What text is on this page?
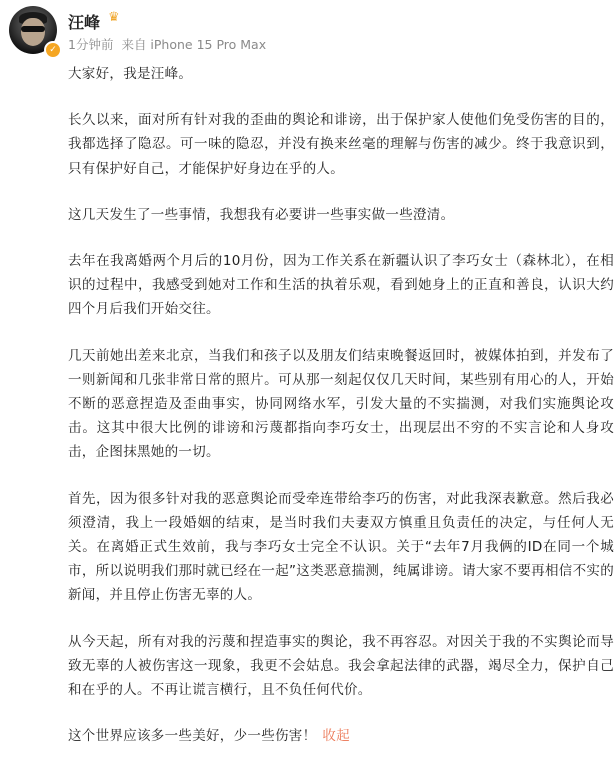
✓
汪峰 ♛
1分钟前 来自 iPhone 15 Pro Max

大家好，我是汪峰。

长久以来，面对所有针对我的歪曲的舆论和诽谤，出于保护家人使他们免受伤害的目的，我都选择了隐忍。可一味的隐忍，并没有换来丝毫的理解与伤害的减少。终于我意识到，只有保护好自己，才能保护好身边在乎的人。

这几天发生了一些事情，我想我有必要讲一些事实做一些澄清。

去年在我离婚两个月后的10月份，因为工作关系在新疆认识了李巧女士（森林北），在相识的过程中，我感受到她对工作和生活的执着乐观，看到她身上的正直和善良，认识大约四个月后我们开始交往。

几天前她出差来北京，当我们和孩子以及朋友们结束晚餐返回时，被媒体拍到，并发布了一则新闻和几张非常日常的照片。可从那一刻起仅仅几天时间，某些别有用心的人，开始不断的恶意捏造及歪曲事实，协同网络水军，引发大量的不实揣测，对我们实施舆论攻击。这其中很大比例的诽谤和污蔑都指向李巧女士，出现层出不穷的不实言论和人身攻击，企图抹黑她的一切。

首先，因为很多针对我的恶意舆论而受牵连带给李巧的伤害，对此我深表歉意。然后我必须澄清，我上一段婚姻的结束，是当时我们夫妻双方慎重且负责任的决定，与任何人无关。在离婚正式生效前，我与李巧女士完全不认识。关于“去年7月我俩的ID在同一个城市，所以说明我们那时就已经在一起”这类恶意揣测，纯属诽谤。请大家不要再相信不实的新闻，并且停止伤害无辜的人。

从今天起，所有对我的污蔑和捏造事实的舆论，我不再容忍。对因关于我的不实舆论而导致无辜的人被伤害这一现象，我更不会姑息。我会拿起法律的武器，竭尽全力，保护自己和在乎的人。不再让谎言横行，且不负任何代价。

这个世界应该多一些美好，少一些伤害！ 收起
